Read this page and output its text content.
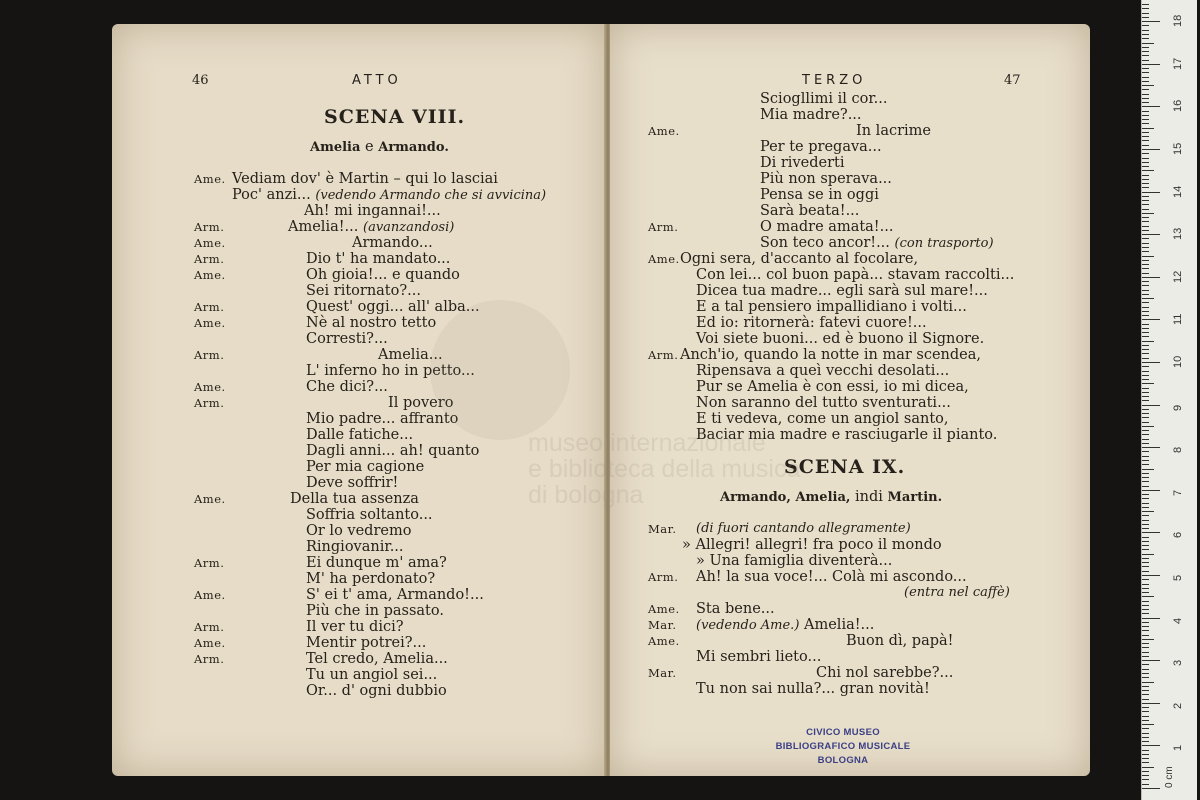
46	ATTO
SCENA VIII.
Amelia e Armando.
Ame. Vediam dov' è Martin – qui lo lasciai
Poc' anzi... (vedendo Armando che si avvicina)
Ah! mi ingannai!...
Arm.	Amelia!... (avanzandosi)
Ame.	Armando...
Arm.	Dio t' ha mandato...
Ame.	Oh gioia!... e quando
Sei ritornato?...
Arm.	Quest' oggi... all' alba...
Ame.	Nè al nostro tetto
Corresti?...
Arm.	Amelia...
L' inferno ho in petto...
Ame.	Che dici?...
Arm.	Il povero
Mio padre... affranto
Dalle fatiche...
Dagli anni... ah! quanto
Per mia cagione
Deve soffrir!
Ame.	Della tua assenza
Soffria soltanto...
Or lo vedremo
Ringiovanir...
Arm.	Ei dunque m' ama?
M' ha perdonato?
Ame.	S' ei t' ama, Armando!...
Più che in passato.
Arm.	Il ver tu dici?
Ame.	Mentir potrei?...
Arm.	Tel credo, Amelia...
Tu un angiol sei...
Or... d' ogni dubbio
TERZO	47
Sciogllimi il cor...
Mia madre?...
Ame.	In lacrime
Per te pregava...
Di rivederti
Più non sperava...
Pensa se in oggi
Sarà beata!...
Arm.	O madre amata!...
Son teco ancor!... (con trasporto)
Ame. Ogni sera, d'accanto al focolare,
Con lei... col buon papà... stavam raccolti...
Dicea tua madre... egli sarà sul mare!...
E a tal pensiero impallidiano i volti...
Ed io: ritornerà: fatevi cuore!...
Voi siete buoni... ed è buono il Signore.
Arm. Anch'io, quando la notte in mar scendea,
Ripensava a queì vecchi desolati...
Pur se Amelia è con essi, io mi dicea,
Non saranno del tutto sventurati...
E ti vedeva, come un angiol santo,
Baciar mia madre e rasciugarle il pianto.
SCENA IX.
Armando, Amelia, indi Martin.
Mar. (di fuori cantando allegramente)
» Allegri! allegri! fra poco il mondo
» Una famiglia diventerà...
Arm. Ah! la sua voce!... Colà mi ascondo...
(entra nel caffè)
Ame. Sta bene...
Mar. (vedendo Ame.) Amelia!...
Ame.	Buon dì, papà!
Mi sembri lieto...
Mar.	Chi nol sarebbe?...
Tu non sai nulla?... gran novità!
museo internazionale
e biblioteca della musica
di bologna
CIVICO MUSEO
BIBLIOGRAFICO MUSICALE
BOLOGNA
0 cm
1
2
3
4
5
6
7
8
9
10
11
12
13
14
15
16
17
18
